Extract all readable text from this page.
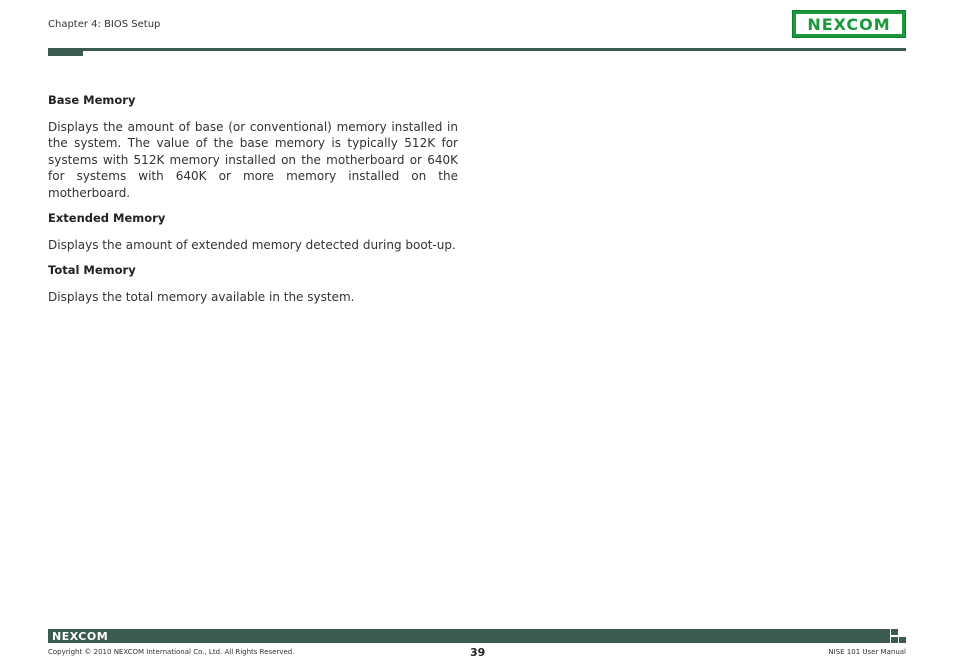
Chapter 4: BIOS Setup	NEXCOM
Base Memory

Displays the amount of base (or conventional) memory installed in the system. The value of the base memory is typically 512K for systems with 512K memory installed on the motherboard or 640K for systems with 640K or more memory installed on the motherboard.

Extended Memory

Displays the amount of extended memory detected during boot-up.

Total Memory

Displays the total memory available in the system.

NEXCOM
Copyright © 2010 NEXCOM International Co., Ltd. All Rights Reserved.	39	NISE 101 User Manual
